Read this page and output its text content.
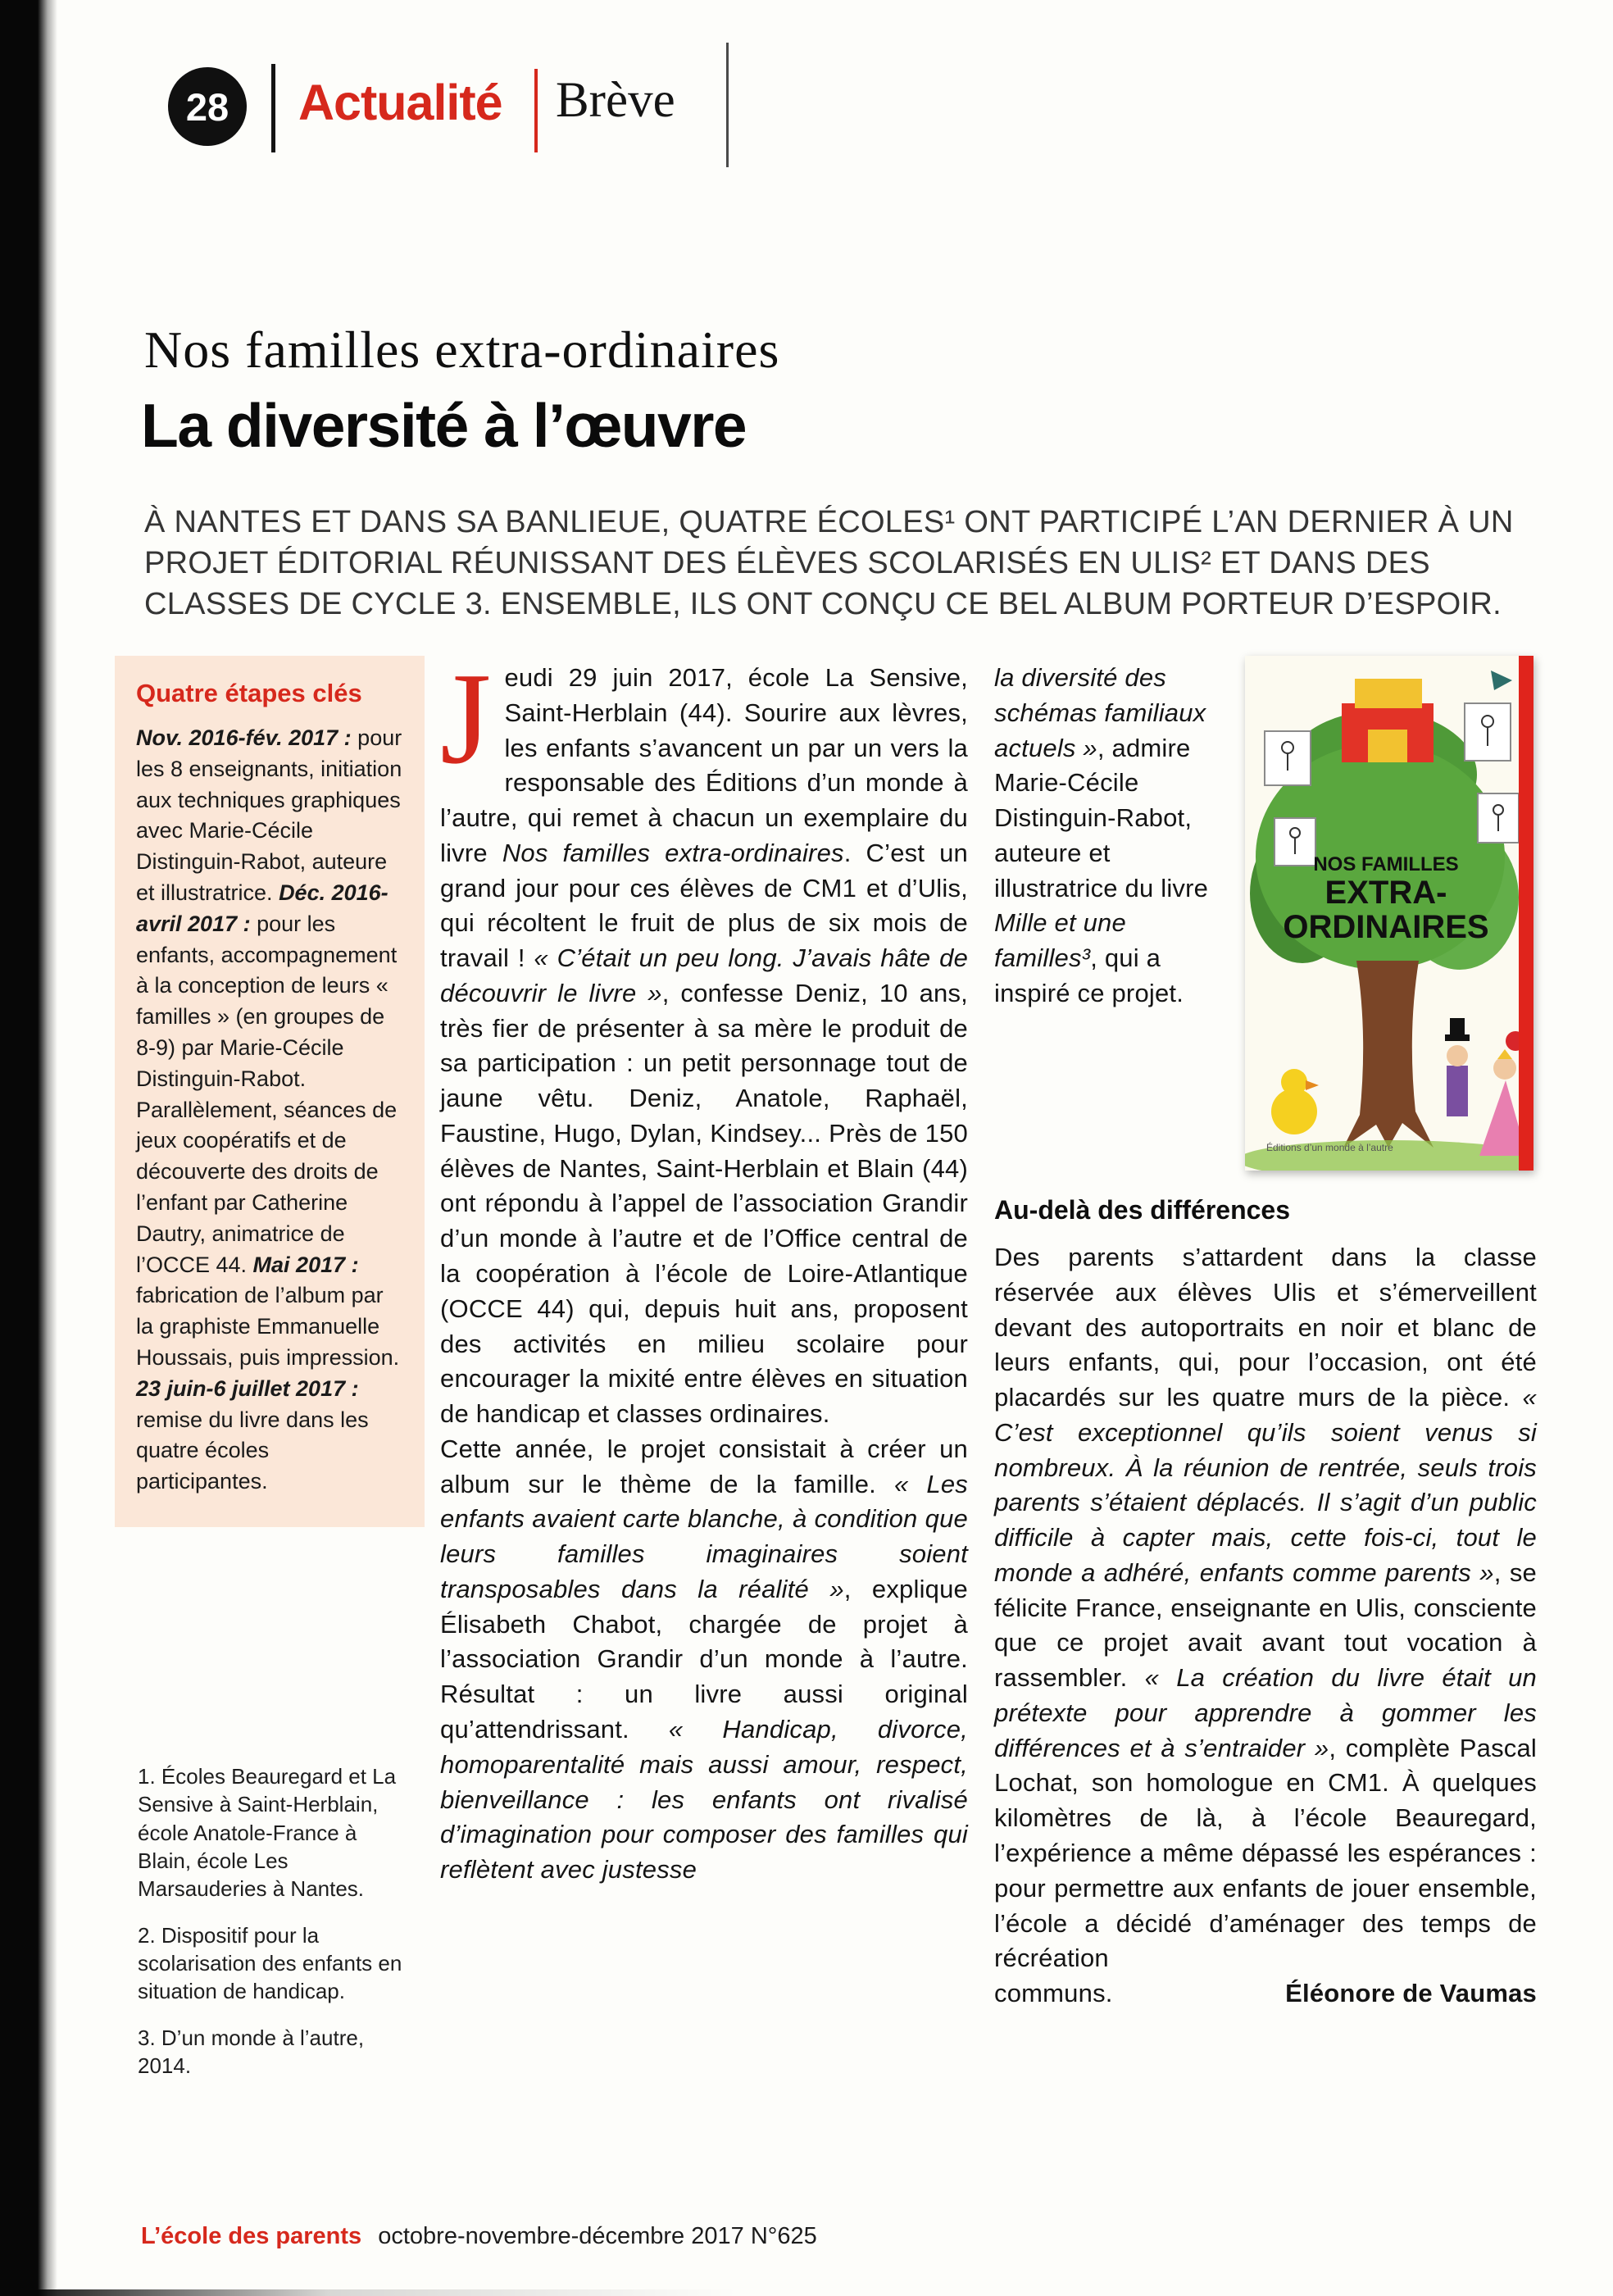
28 Actualité Brève
Nos familles extra-ordinaires
La diversité à l’œuvre
À NANTES ET DANS SA BANLIEUE, QUATRE ÉCOLES¹ ONT PARTICIPÉ L’AN DERNIER À UN PROJET ÉDITORIAL RÉUNISSANT DES ÉLÈVES SCOLARISÉS EN ULIS² ET DANS DES CLASSES DE CYCLE 3. ENSEMBLE, ILS ONT CONÇU CE BEL ALBUM PORTEUR D’ESPOIR.
Quatre étapes clés
Nov. 2016-fév. 2017 : pour les 8 enseignants, initiation aux techniques graphiques avec Marie-Cécile Distinguin-Rabot, auteure et illustratrice. Déc. 2016-avril 2017 : pour les enfants, accompagnement à la conception de leurs « familles » (en groupes de 8-9) par Marie-Cécile Distinguin-Rabot. Parallèlement, séances de jeux coopératifs et de découverte des droits de l’enfant par Catherine Dautry, animatrice de l’OCCE 44. Mai 2017 : fabrication de l’album par la graphiste Emmanuelle Houssais, puis impression. 23 juin-6 juillet 2017 : remise du livre dans les quatre écoles participantes.
1. Écoles Beauregard et La Sensive à Saint-Herblain, école Anatole-France à Blain, école Les Marsauderies à Nantes.
2. Dispositif pour la scolarisation des enfants en situation de handicap.
3. D’un monde à l’autre, 2014.

Jeudi 29 juin 2017, école La Sensive, Saint-Herblain (44). Sourire aux lèvres, les enfants s’avancent un par un vers la responsable des Éditions d’un monde à l’autre, qui remet à chacun un exemplaire du livre Nos familles extra-ordinaires. C’est un grand jour pour ces élèves de CM1 et d’Ulis, qui récoltent le fruit de plus de six mois de travail ! « C’était un peu long. J’avais hâte de découvrir le livre », confesse Deniz, 10 ans, très fier de présenter à sa mère le produit de sa participation : un petit personnage tout de jaune vêtu. Deniz, Anatole, Raphaël, Faustine, Hugo, Dylan, Kindsey... Près de 150 élèves de Nantes, Saint-Herblain et Blain (44) ont répondu à l’appel de l’association Grandir d’un monde à l’autre et de l’Office central de la coopération à l’école de Loire-Atlantique (OCCE 44) qui, depuis huit ans, proposent des activités en milieu scolaire pour encourager la mixité entre élèves en situation de handicap et classes ordinaires.

Cette année, le projet consistait à créer un album sur le thème de la famille. « Les enfants avaient carte blanche, à condition que leurs familles imaginaires soient transposables dans la réalité », explique Élisabeth Chabot, chargée de projet à l’association Grandir d’un monde à l’autre. Résultat : un livre aussi original qu’attendrissant. « Handicap, divorce, homoparentalité mais aussi amour, respect, bienveillance : les enfants ont rivalisé d’imagination pour composer des familles qui reflètent avec justesse

la diversité des schémas familiaux actuels », admire Marie-Cécile Distinguin-Rabot, auteure et illustratrice du livre Mille et une familles³, qui a inspiré ce projet.
NOS FAMILLES
EXTRA-
ORDINAIRES
Éditions d’un monde à l’autre
Au-delà des différences

Des parents s’attardent dans la classe réservée aux élèves Ulis et s’émerveillent devant des autoportraits en noir et blanc de leurs enfants, qui, pour l’occasion, ont été placardés sur les quatre murs de la pièce. « C’est exceptionnel qu’ils soient venus si nombreux. À la réunion de rentrée, seuls trois parents s’étaient déplacés. Il s’agit d’un public difficile à capter mais, cette fois-ci, tout le monde a adhéré, enfants comme parents », se félicite France, enseignante en Ulis, consciente que ce projet avait avant tout vocation à rassembler. « La création du livre était un prétexte pour apprendre à gommer les différences et à s’entraider », complète Pascal Lochat, son homologue en CM1. À quelques kilomètres de là, à l’école Beauregard, l’expérience a même dépassé les espérances : pour permettre aux enfants de jouer ensemble, l’école a décidé d’aménager des temps de récréation

communs.	Éléonore de Vaumas
L’école des parents octobre-novembre-décembre 2017 N°625
